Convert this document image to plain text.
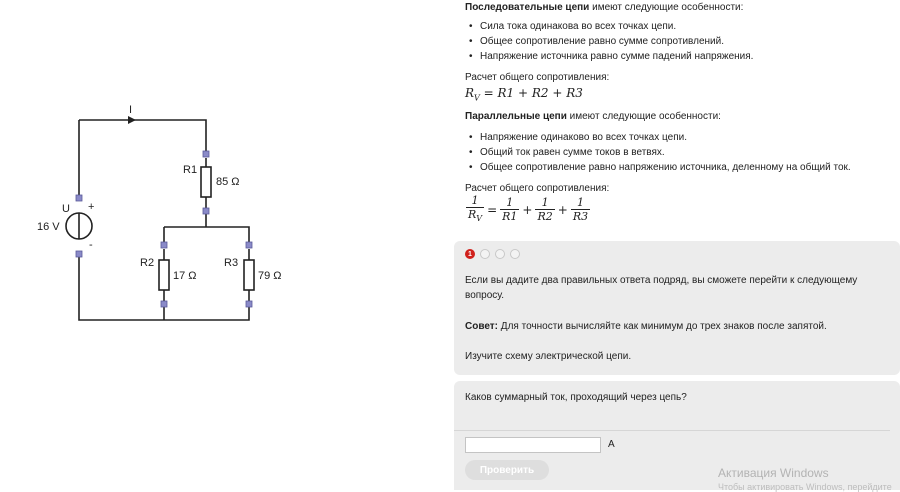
I
U
16 V
+
-
R1
85 Ω
R2
17 Ω
R3
79 Ω
Последовательные цепи имеют следующие особенности:
• Сила тока одинакова во всех точках цепи.
• Общее сопротивление равно сумме сопротивлений.
• Напряжение источника равно сумме падений напряжения.
Расчет общего сопротивления:
$R_V = R1 + R2 + R3$
Параллельные цепи имеют следующие особенности:
• Напряжение одинаково во всех точках цепи.
• Общий ток равен сумме токов в ветвях.
• Общее сопротивление равно напряжению источника, деленному на общий ток.
Расчет общего сопротивления:
$\frac{1}{R_V} = \frac{1}{R1} + \frac{1}{R2} + \frac{1}{R3}$
1
Если вы дадите два правильных ответа подряд, вы сможете перейти к следующему вопросу.
Совет: Для точности вычисляйте как минимум до трех знаков после запятой.
Изучите схему электрической цепи.
Каков суммарный ток, проходящий через цепь?
A
Проверить	Активация Windows
Чтобы активировать Windows, перейдите
